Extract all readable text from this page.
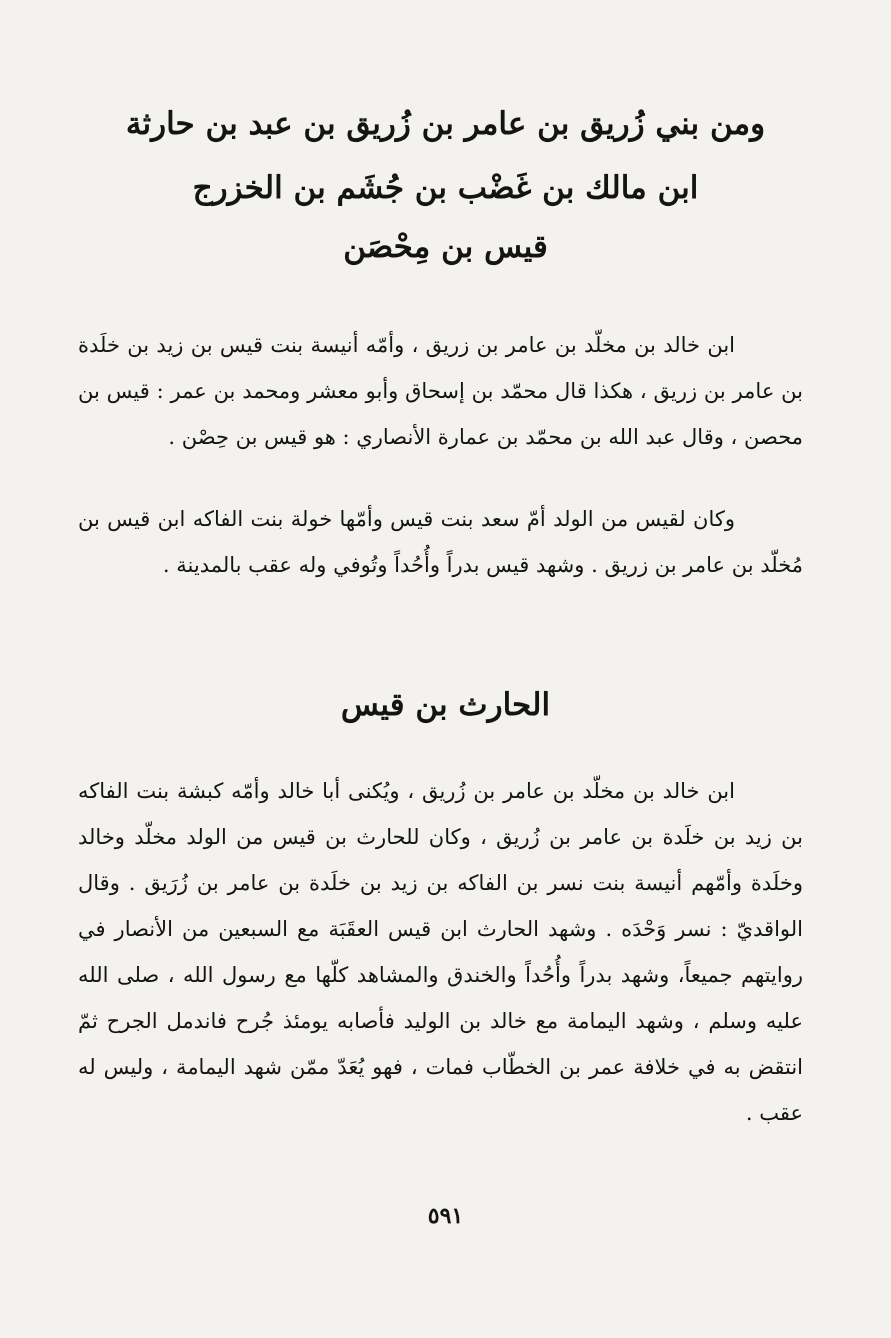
ومن بني زُريق بن عامر بن زُريق بن عبد بن حارثة
ابن مالك بن غَضْب بن جُشَم بن الخزرج
قيس بن مِحْصَن

ابن خالد بن مخلّد بن عامر بن زريق ، وأمّه أنيسة بنت قيس بن زيد بن خلَدة بن عامر بن زريق ، هكذا قال محمّد بن إسحاق وأبو معشر ومحمد بن عمر : قيس بن محصن ، وقال عبد الله بن محمّد بن عمارة الأنصاري : هو قيس بن حِصْن .

وكان لقيس من الولد أمّ سعد بنت قيس وأمّها خولة بنت الفاكه ابن قيس بن مُخلّد بن عامر بن زريق . وشهد قيس بدراً وأُحُداً وتُوفي وله عقب بالمدينة .

الحارث بن قيس

ابن خالد بن مخلّد بن عامر بن زُريق ، ويُكنى أبا خالد وأمّه كبشة بنت الفاكه بن زيد بن خلَدة بن عامر بن زُريق ، وكان للحارث بن قيس من الولد مخلّد وخالد وخلَدة وأمّهم أنيسة بنت نسر بن الفاكه بن زيد بن خلَدة بن عامر بن زُرَيق . وقال الواقديّ : نسر وَحْدَه . وشهد الحارث ابن قيس العقَبَة مع السبعين من الأنصار في روايتهم جميعاً، وشهد بدراً وأُحُداً والخندق والمشاهد كلّها مع رسول الله ، صلى الله عليه وسلم ، وشهد اليمامة مع خالد بن الوليد فأصابه يومئذ جُرح فاندمل الجرح ثمّ انتقض به في خلافة عمر بن الخطّاب فمات ، فهو يُعَدّ ممّن شهد اليمامة ، وليس له عقب .

٥٩١
